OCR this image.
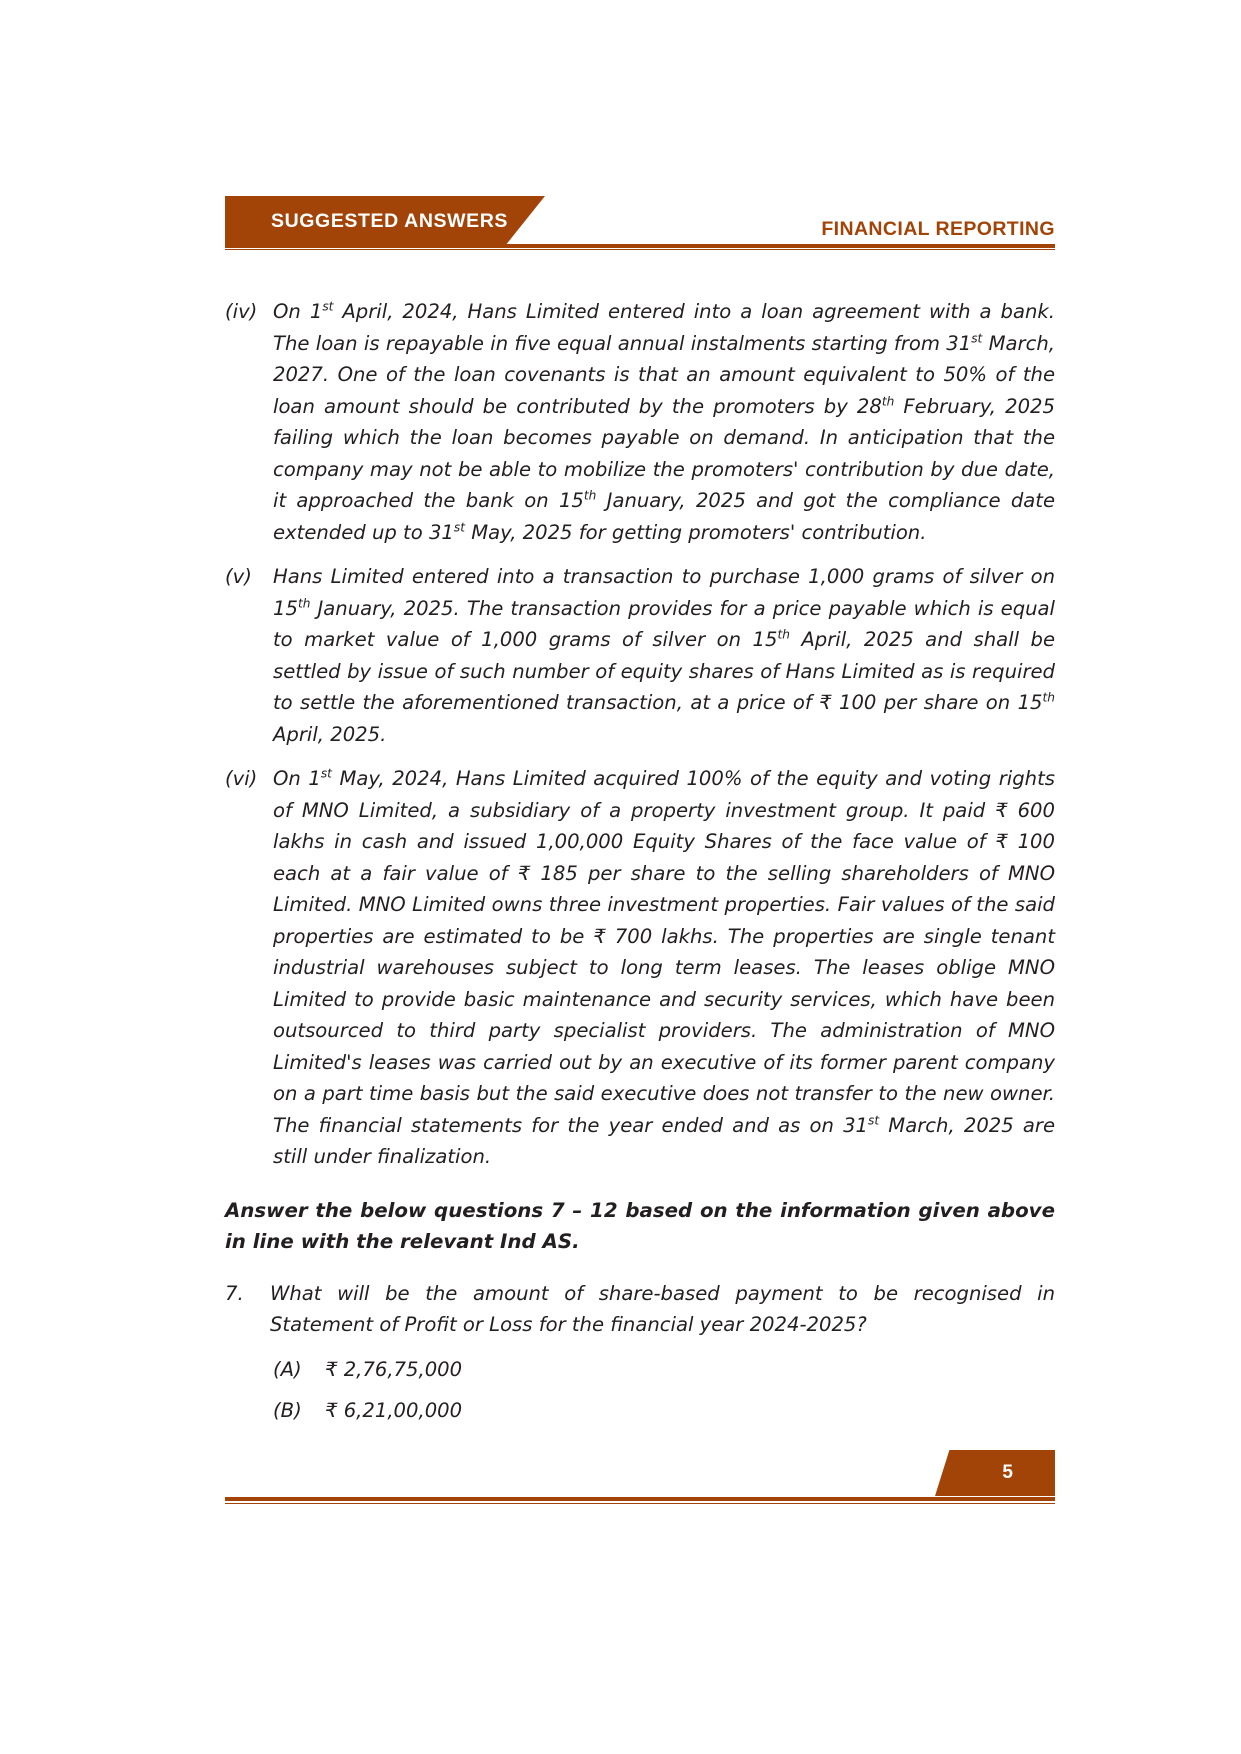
SUGGESTED ANSWERS	FINANCIAL REPORTING
(iv) On 1st April, 2024, Hans Limited entered into a loan agreement with a bank. The loan is repayable in five equal annual instalments starting from 31st March, 2027. One of the loan covenants is that an amount equivalent to 50% of the loan amount should be contributed by the promoters by 28th February, 2025 failing which the loan becomes payable on demand. In anticipation that the company may not be able to mobilize the promoters' contribution by due date, it approached the bank on 15th January, 2025 and got the compliance date extended up to 31st May, 2025 for getting promoters' contribution.
(v)	Hans Limited entered into a transaction to purchase 1,000 grams of silver on 15th January, 2025. The transaction provides for a price payable which is equal to market value of 1,000 grams of silver on 15th April, 2025 and shall be settled by issue of such number of equity shares of Hans Limited as is required to settle the aforementioned transaction, at a price of ₹ 100 per share on 15th April, 2025.
(vi) On 1st May, 2024, Hans Limited acquired 100% of the equity and voting rights of MNO Limited, a subsidiary of a property investment group. It paid ₹ 600 lakhs in cash and issued 1,00,000 Equity Shares of the face value of ₹ 100 each at a fair value of ₹ 185 per share to the selling shareholders of MNO Limited. MNO Limited owns three investment properties. Fair values of the said properties are estimated to be ₹ 700 lakhs. The properties are single tenant industrial warehouses subject to long term leases. The leases oblige MNO Limited to provide basic maintenance and security services, which have been outsourced to third party specialist providers. The administration of MNO Limited's leases was carried out by an executive of its former parent company on a part time basis but the said executive does not transfer to the new owner. The financial statements for the year ended and as on 31st March, 2025 are still under finalization.
Answer the below questions 7 – 12 based on the information given above in line with the relevant Ind AS.
7.	What will be the amount of share-based payment to be recognised in Statement of Profit or Loss for the financial year 2024-2025?
(A)	₹ 2,76,75,000
(B)	₹ 6,21,00,000
5
